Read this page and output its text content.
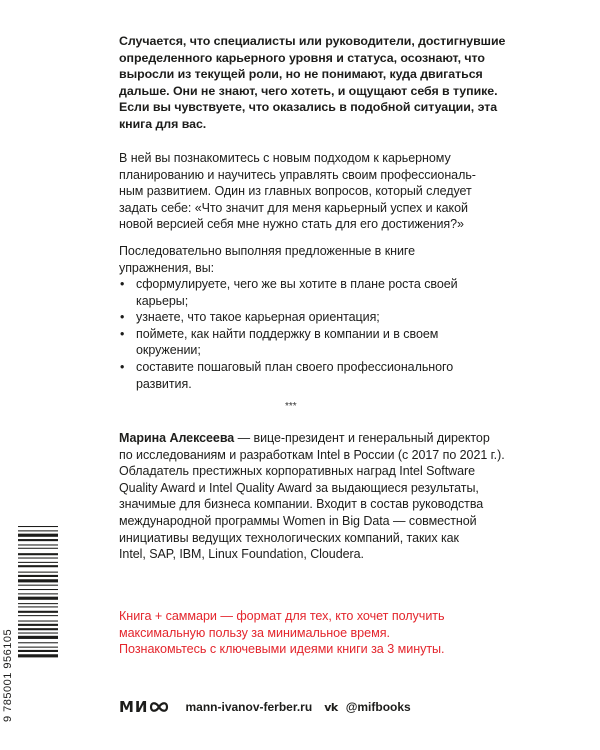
Случается, что специалисты или руководители, достигнувшие
определенного карьерного уровня и статуса, осознают, что
выросли из текущей роли, но не понимают, куда двигаться
дальше. Они не знают, чего хотеть, и ощущают себя в тупике.
Если вы чувствуете, что оказались в подобной ситуации, эта
книга для вас.
В ней вы познакомитесь с новым подходом к карьерному
планированию и научитесь управлять своим профессиональ-
ным развитием. Один из главных вопросов, который следует
задать себе: «Что значит для меня карьерный успех и какой
новой версией себя мне нужно стать для его достижения?»
Последовательно выполняя предложенные в книге
упражнения, вы:
• сформулируете, чего же вы хотите в плане роста своей
карьеры;
• узнаете, что такое карьерная ориентация;
• поймете, как найти поддержку в компании и в своем
окружении;
• составите пошаговый план своего профессионального
развития.
***
Марина Алексеева — вице-президент и генеральный директор
по исследованиям и разработкам Intel в России (с 2017 по 2021 г.).
Обладатель престижных корпоративных наград Intel Software
Quality Award и Intel Quality Award за выдающиеся результаты,
значимые для бизнеса компании. Входит в состав руководства
международной программы Women in Big Data — совместной
инициативы ведущих технологических компаний, таких как
Intel, SAP, IBM, Linux Foundation, Cloudera.
Книга + саммари — формат для тех, кто хочет получить
максимальную пользу за минимальное время.
Познакомьтесь с ключевыми идеями книги за 3 минуты.
9 785001 956105	МИ	mann-ivanov-ferber.ru vk @mifbooks
